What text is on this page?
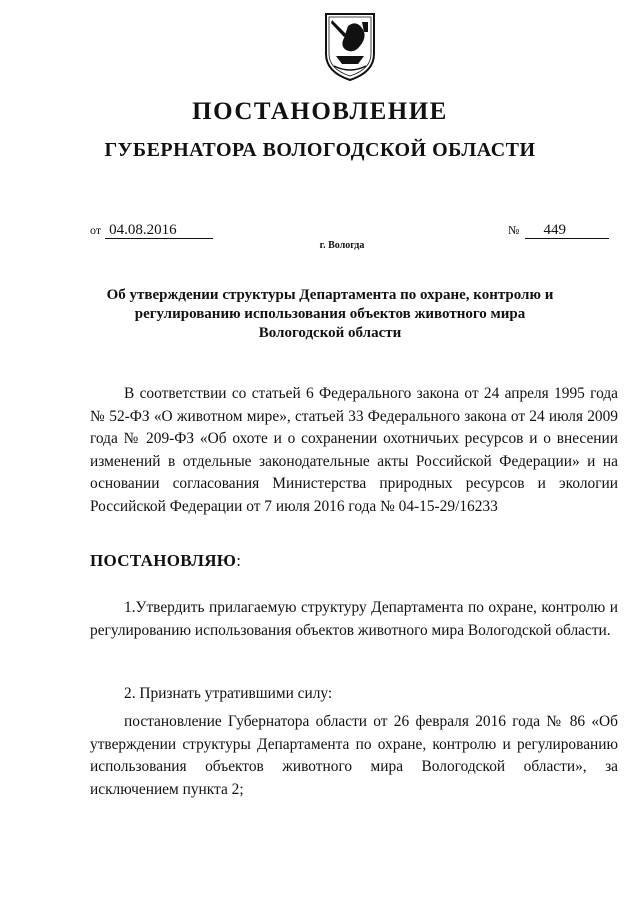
ПОСТАНОВЛЕНИЕ
ГУБЕРНАТОРА ВОЛОГОДСКОЙ ОБЛАСТИ
от 04.08.2016	№ 449
г. Вологда
Об утверждении структуры Департамента по охране, контролю и
регулированию использования объектов животного мира
Вологодской области
В соответствии со статьей 6 Федерального закона от 24 апреля 1995 года № 52-ФЗ «О животном мире», статьей 33 Федерального закона от 24 июля 2009 года № 209-ФЗ «Об охоте и о сохранении охотничьих ресурсов и о внесении изменений в отдельные законодательные акты Российской Федерации» и на основании согласования Министерства природных ресурсов и экологии Российской Федерации от 7 июля 2016 года № 04-15-29/16233
ПОСТАНОВЛЯЮ:
1.Утвердить прилагаемую структуру Департамента по охране, контролю и регулированию использования объектов животного мира Вологодской области.
2. Признать утратившими силу:
постановление Губернатора области от 26 февраля 2016 года № 86 «Об утверждении структуры Департамента по охране, контролю и регулированию использования объектов животного мира Вологодской области», за исключением пункта 2;
